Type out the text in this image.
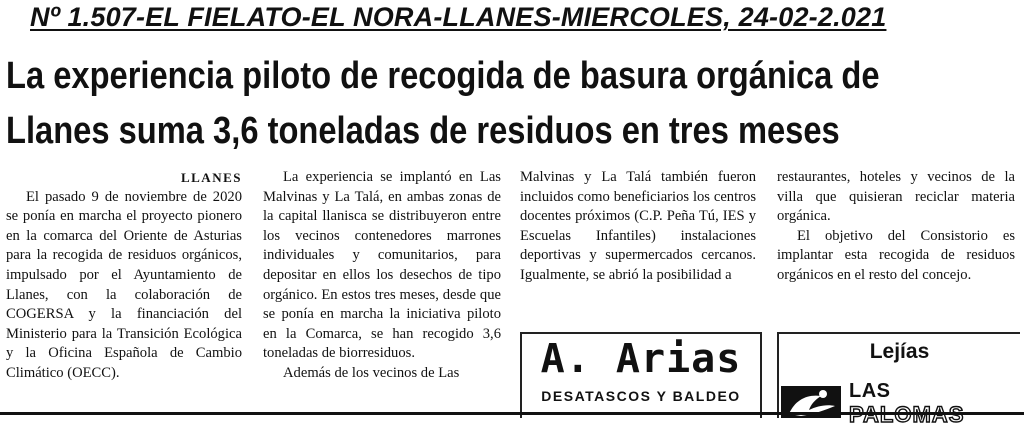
Nº 1.507-EL FIELATO-EL NORA-LLANES-MIERCOLES, 24-02-2.021
La experiencia piloto de recogida de basura orgánica de
Llanes suma 3,6 toneladas de residuos en tres meses

LLANES

El pasado 9 de noviembre de 2020 se ponía en marcha el proyecto pionero en la comarca del Oriente de Asturias para la recogida de residuos orgánicos, impulsado por el Ayuntamiento de Llanes, con la colaboración de COGERSA y la financiación del Ministerio para la Transición Ecológica y la Oficina Española de Cambio Climático (OECC).

La experiencia se implantó en Las Malvinas y La Talá, en ambas zonas de la capital llanisca se distribuyeron entre los vecinos contenedores marrones individuales y comunitarios, para depositar en ellos los desechos de tipo orgánico. En estos tres meses, desde que se ponía en marcha la iniciativa piloto en la Comarca, se han recogido 3,6 toneladas de biorresiduos.

Además de los vecinos de Las

Malvinas y La Talá también fueron incluidos como beneficiarios los centros docentes próximos (C.P. Peña Tú, IES y Escuelas Infantiles) instalaciones deportivas y supermercados cercanos. Igualmente, se abrió la posibilidad a

restaurantes, hoteles y vecinos de la villa que quisieran reciclar materia orgánica.

El objetivo del Consistorio es implantar esta recogida de residuos orgánicos en el resto del concejo.

A. Arias
DESATASCOS Y BALDEO
Lejías
LAS
